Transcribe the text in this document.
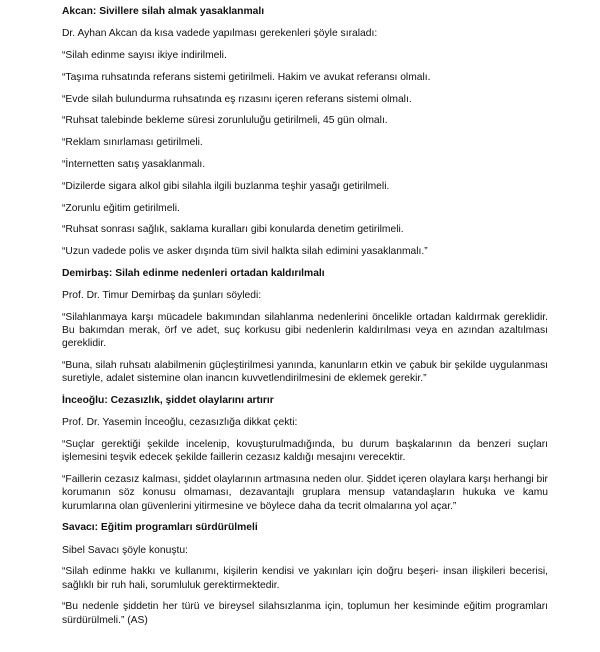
Akcan: Sivillere silah almak yasaklanmalı
Dr. Ayhan Akcan da kısa vadede yapılması gerekenleri şöyle sıraladı:
“Silah edinme sayısı ikiye indirilmeli.
“Taşıma ruhsatında referans sistemi getirilmeli. Hakim ve avukat referansı olmalı.
“Evde silah bulundurma ruhsatında eş rızasını içeren referans sistemi olmalı.
“Ruhsat talebinde bekleme süresi zorunluluğu getirilmeli, 45 gün olmalı.
“Reklam sınırlaması getirilmeli.
“İnternetten satış yasaklanmalı.
“Dizilerde sigara alkol gibi silahla ilgili buzlanma teşhir yasağı getirilmeli.
“Zorunlu eğitim getirilmeli.
“Ruhsat sonrası sağlık, saklama kuralları gibi konularda denetim getirilmeli.
“Uzun vadede polis ve asker dışında tüm sivil halkta silah edimini yasaklanmalı.”
Demirbaş: Silah edinme nedenleri ortadan kaldırılmalı
Prof. Dr. Timur Demirbaş da şunları söyledi:
“Silahlanmaya karşı mücadele bakımından silahlanma nedenlerini öncelikle ortadan kaldırmak gereklidir. Bu bakımdan merak, örf ve adet, suç korkusu gibi nedenlerin kaldırılması veya en azından azaltılması gereklidir.
“Buna, silah ruhsatı alabilmenin güçleştirilmesi yanında, kanunların etkin ve çabuk bir şekilde uygulanması suretiyle, adalet sistemine olan inancın kuvvetlendirilmesini de eklemek gerekir.”
İnceoğlu: Cezasızlık, şiddet olaylarını artırır
Prof. Dr. Yasemin İnceoğlu, cezasızlığa dikkat çekti:
“Suçlar gerektiği şekilde incelenip, kovuşturulmadığında, bu durum başkalarının da benzeri suçları işlemesini teşvik edecek şekilde faillerin cezasız kaldığı mesajını verecektir.
“Faillerin cezasız kalması, şiddet olaylarının artmasına neden olur. Şiddet içeren olaylara karşı herhangi bir korumanın söz konusu olmaması, dezavantajlı gruplara mensup vatandaşların hukuka ve kamu kurumlarına olan güvenlerini yitirmesine ve böylece daha da tecrit olmalarına yol açar.”
Savacı: Eğitim programları sürdürülmeli
Sibel Savacı şöyle konuştu:
“Silah edinme hakkı ve kullanımı, kişilerin kendisi ve yakınları için doğru beşeri- insan ilişkileri becerisi, sağlıklı bir ruh hali, sorumluluk gerektirmektedir.
“Bu nedenle şiddetin her türü ve bireysel silahsızlanma için, toplumun her kesiminde eğitim programları sürdürülmeli.” (AS)
